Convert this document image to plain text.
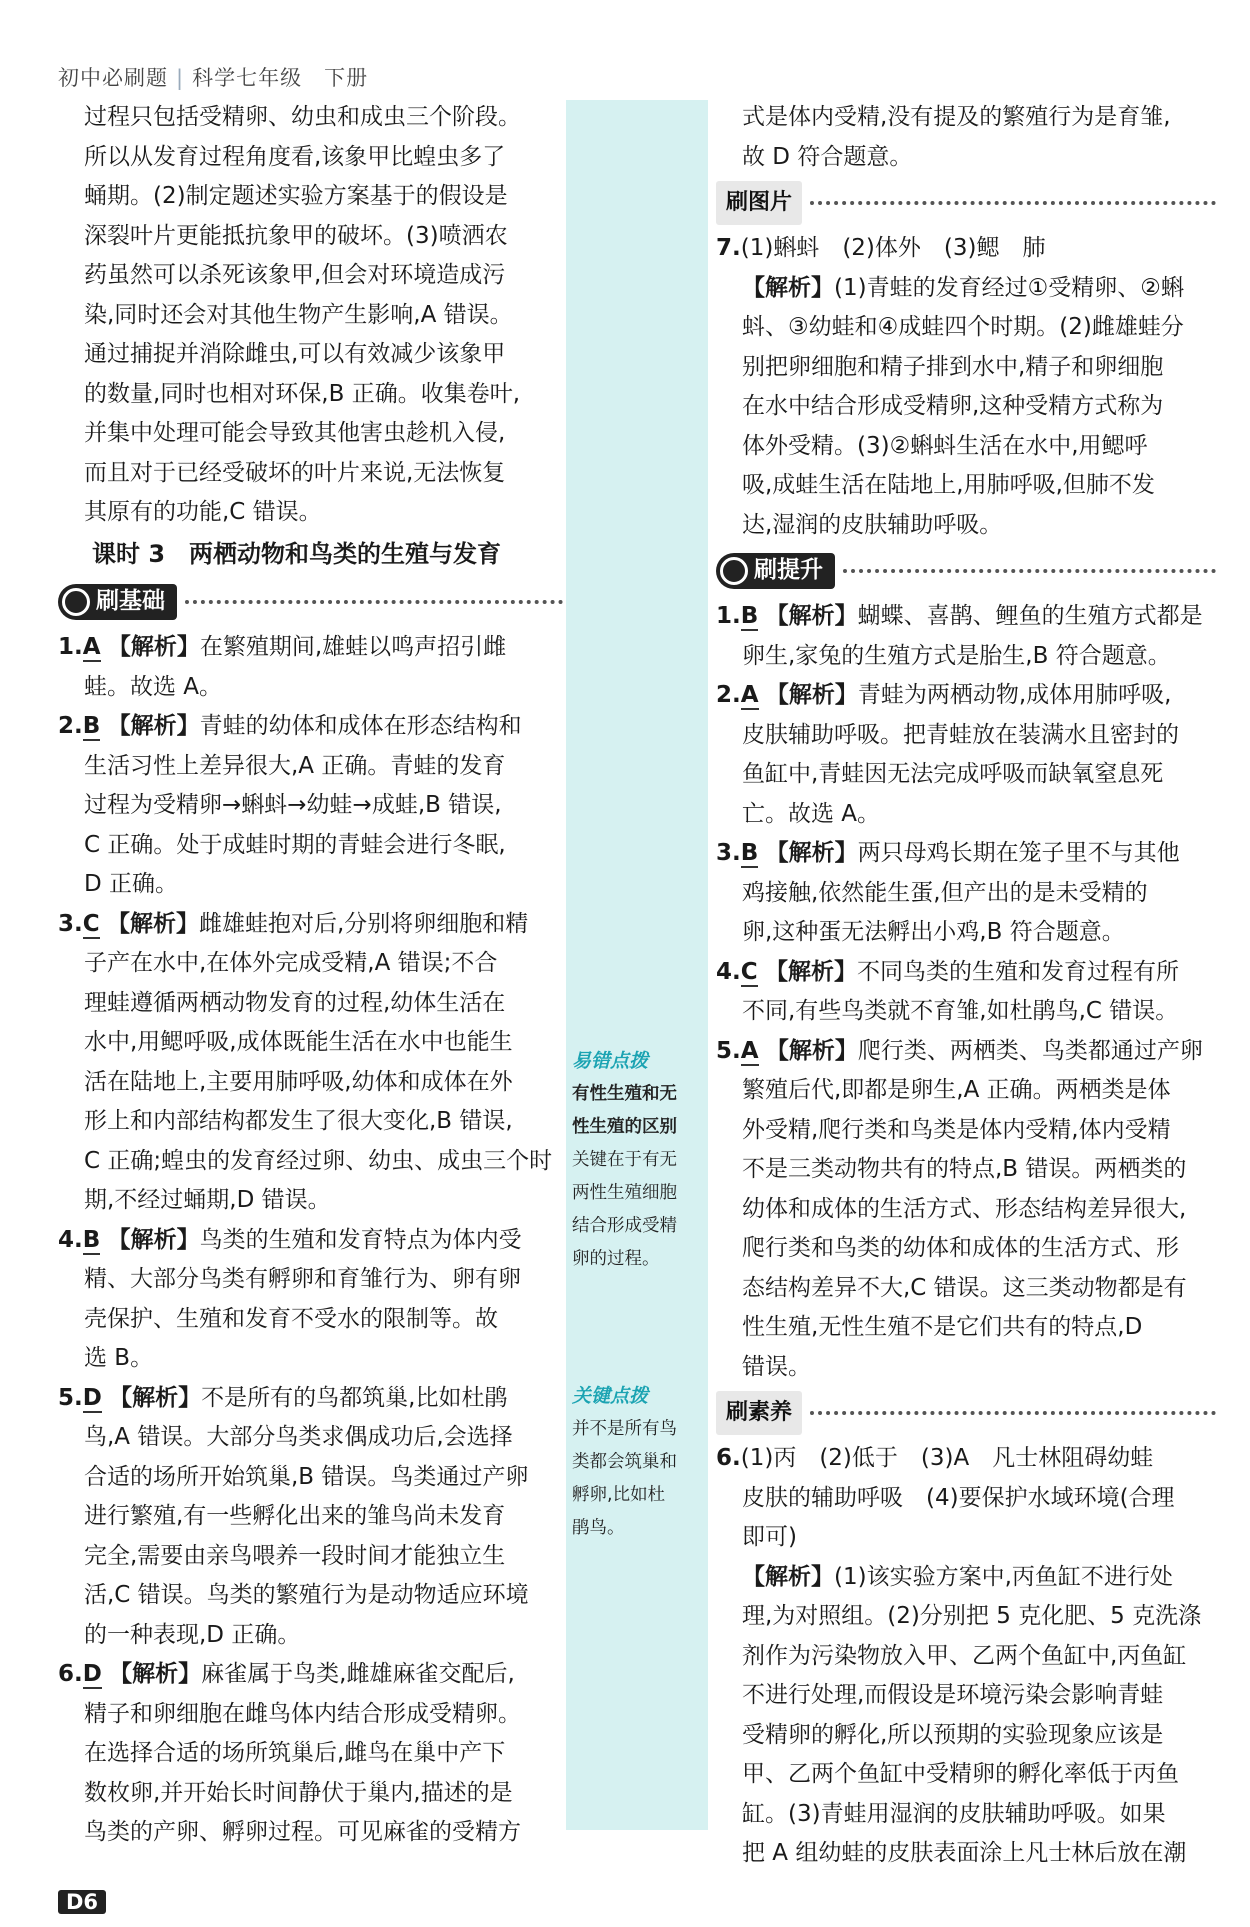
初中必刷题 | 科学七年级　 下册

过程只包括受精卵、幼虫和成虫三个阶段。

所以从发育过程角度看,该象甲比蝗虫多了

蛹期。(2)制定题述实验方案基于的假设是

深裂叶片更能抵抗象甲的破坏。(3)喷洒农

药虽然可以杀死该象甲,但会对环境造成污

染,同时还会对其他生物产生影响,A 错误。

通过捕捉并消除雌虫,可以有效减少该象甲

的数量,同时也相对环保,B 正确。收集卷叶,

并集中处理可能会导致其他害虫趁机入侵,

而且对于已经受破坏的叶片来说,无法恢复

其原有的功能,C 错误。

课时 3　两栖动物和鸟类的生殖与发育

刷基础

1.A 【解析】在繁殖期间,雄蛙以鸣声招引雌

蛙。故选 A。

2.B 【解析】青蛙的幼体和成体在形态结构和

生活习性上差异很大,A 正确。青蛙的发育

过程为受精卵→蝌蚪→幼蛙→成蛙,B 错误,

C 正确。处于成蛙时期的青蛙会进行冬眠,

D 正确。

3.C 【解析】雌雄蛙抱对后,分别将卵细胞和精

子产在水中,在体外完成受精,A 错误;不合

理蛙遵循两栖动物发育的过程,幼体生活在

水中,用鳃呼吸,成体既能生活在水中也能生

活在陆地上,主要用肺呼吸,幼体和成体在外

形上和内部结构都发生了很大变化,B 错误,

C 正确;蝗虫的发育经过卵、幼虫、成虫三个时

期,不经过蛹期,D 错误。

4.B 【解析】鸟类的生殖和发育特点为体内受

精、大部分鸟类有孵卵和育雏行为、卵有卵

壳保护、生殖和发育不受水的限制等。故

选 B。

5.D 【解析】不是所有的鸟都筑巢,比如杜鹃

鸟,A 错误。大部分鸟类求偶成功后,会选择

合适的场所开始筑巢,B 错误。鸟类通过产卵

进行繁殖,有一些孵化出来的雏鸟尚未发育

完全,需要由亲鸟喂养一段时间才能独立生

活,C 错误。鸟类的繁殖行为是动物适应环境

的一种表现,D 正确。

6.D 【解析】麻雀属于鸟类,雌雄麻雀交配后,

精子和卵细胞在雌鸟体内结合形成受精卵。

在选择合适的场所筑巢后,雌鸟在巢中产下

数枚卵,并开始长时间静伏于巢内,描述的是

鸟类的产卵、孵卵过程。可见麻雀的受精方

易错点拨

有性生殖和无

性生殖的区别

关键在于有无

两性生殖细胞

结合形成受精

卵的过程。

关键点拨

并不是所有鸟

类都会筑巢和

孵卵,比如杜

鹃鸟。

式是体内受精,没有提及的繁殖行为是育雏,

故 D 符合题意。

刷图片

7.(1)蝌蚪　(2)体外　(3)鳃　肺

【解析】(1)青蛙的发育经过①受精卵、②蝌

蚪、③幼蛙和④成蛙四个时期。(2)雌雄蛙分

别把卵细胞和精子排到水中,精子和卵细胞

在水中结合形成受精卵,这种受精方式称为

体外受精。(3)②蝌蚪生活在水中,用鳃呼

吸,成蛙生活在陆地上,用肺呼吸,但肺不发

达,湿润的皮肤辅助呼吸。

刷提升

1.B 【解析】蝴蝶、喜鹊、鲤鱼的生殖方式都是

卵生,家兔的生殖方式是胎生,B 符合题意。

2.A 【解析】青蛙为两栖动物,成体用肺呼吸,

皮肤辅助呼吸。把青蛙放在装满水且密封的

鱼缸中,青蛙因无法完成呼吸而缺氧窒息死

亡。故选 A。

3.B 【解析】两只母鸡长期在笼子里不与其他

鸡接触,依然能生蛋,但产出的是未受精的

卵,这种蛋无法孵出小鸡,B 符合题意。

4.C 【解析】不同鸟类的生殖和发育过程有所

不同,有些鸟类就不育雏,如杜鹃鸟,C 错误。

5.A 【解析】爬行类、两栖类、鸟类都通过产卵

繁殖后代,即都是卵生,A 正确。两栖类是体

外受精,爬行类和鸟类是体内受精,体内受精

不是三类动物共有的特点,B 错误。两栖类的

幼体和成体的生活方式、形态结构差异很大,

爬行类和鸟类的幼体和成体的生活方式、形

态结构差异不大,C 错误。这三类动物都是有

性生殖,无性生殖不是它们共有的特点,D

错误。

刷素养

6.(1)丙　(2)低于　(3)A　凡士林阻碍幼蛙

皮肤的辅助呼吸　(4)要保护水域环境(合理

即可)

【解析】(1)该实验方案中,丙鱼缸不进行处

理,为对照组。(2)分别把 5 克化肥、5 克洗涤

剂作为污染物放入甲、乙两个鱼缸中,丙鱼缸

不进行处理,而假设是环境污染会影响青蛙

受精卵的孵化,所以预期的实验现象应该是

甲、乙两个鱼缸中受精卵的孵化率低于丙鱼

缸。(3)青蛙用湿润的皮肤辅助呼吸。如果

把 A 组幼蛙的皮肤表面涂上凡士林后放在潮

D6
